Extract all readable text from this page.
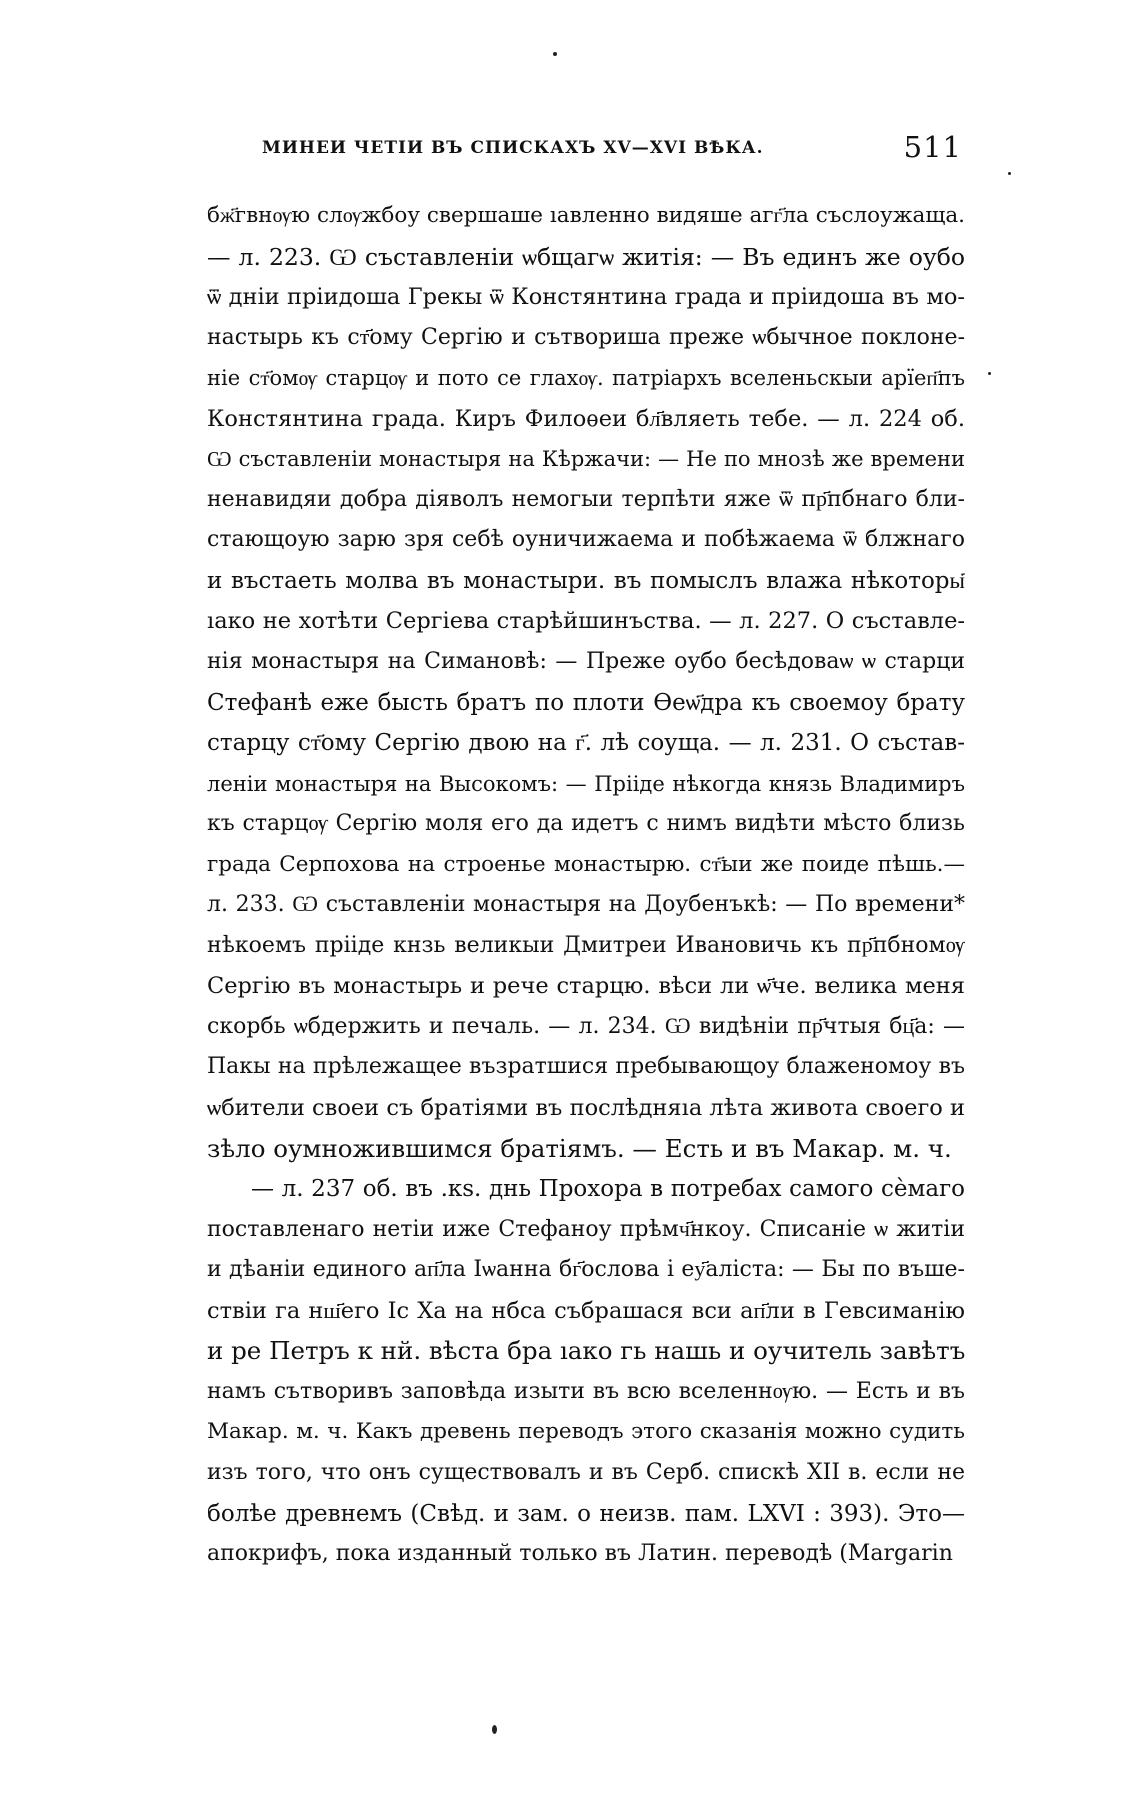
МИНЕИ ЧЕТІИ ВЪ СПИСКАХЪ XV—XVI ВѢКА.	511
бж҃гвнѹю слѹжбоу свершаше ıавленно видяше агг҃ла съслоужаща.
— л. 223. Ѡ съставленіи ѡбщагѡ житія: — Въ единъ же оубо
ѿ дніи пріидоша Грекы ѿ Констянтина града и пріидоша въ мо-
настырь къ ст҃ому Сергію и сътвориша преже ѡбычное поклоне-
ніе ст҃омѹ старцѹ и пото се глахѹ. патріархъ вселеньскыи арїеп҃пъ
Констянтина града. Киръ Филоѳеи бл҃вляеть тебе. — л. 224 об.
Ѡ съставленіи монастыря на Кѣржачи: — Не по мнозѣ же времени
ненавидяи добра діяволъ немогыи терпѣти яже ѿ пр҃пбнаго бли-
стающоую зарю зря себѣ оуничижаема и побѣжаема ѿ блжнаго
и въстаеть молва въ монастыри. въ помыслъ влажа нѣкоторы҃
ıако не хотѣти Сергіева старѣйшинъства. — л. 227. О съставле-
нія монастыря на Симановѣ: — Преже оубо бесѣдоваѡ ѡ старци
Стефанѣ еже бысть братъ по плоти Ѳеѡ҃дра къ своемоу брату
старцу ст҃ому Сергію двою на г҃. лѣ соуща. — л. 231. О състав-
леніи монастыря на Высокомъ: — Прііде нѣкогда князь Владимиръ
къ старцѹ Сергію моля его да идетъ с нимъ видѣти мѣсто близь
града Серпохова на строенье монастырю. ст҃ыи же поиде пѣшь.—
л. 233. Ѡ съставленіи монастыря на Доубенъкѣ: — По времени*
нѣкоемъ прііде кнзь великыи Дмитреи Ивановичь къ пр҃пбномѹ
Сергію въ монастырь и рече старцю. вѣси ли ѡ҃че. велика меня
скорбь ѡбдержить и печаль. — л. 234. Ѡ видѣніи пр҃чтыя бц҃а: —
Пакы на прѣлежащее възратшися пребывающоу блаженомоу въ
ѡбители своеи съ братіями въ послѣдняıа лѣта живота своего и
зѣло оумножившимся братіямъ. — Есть и въ Макар. м. ч.
— л. 237 об. въ .кѕ. днь Прохора в потребах самого сѐмаго
поставленаго нетіи иже Стефаноу прѣмч҃нкоу. Списаніе ѡ житіи
и дѣаніи единого ап҃ла Іѡанна бг҃ослова і еу҃аліста: — Бы по въше-
ствіи га нш҃его Іс Ха на нбса събрашася вси ап҃ли в Гевсиманію
и ре Петръ к нй. вѣста бра ıако гь нашь и оучитель завѣтъ
намъ сътворивъ заповѣда изыти въ всю вселеннѹю. — Есть и въ
Макар. м. ч. Какъ древень переводъ этого сказанія можно судить
изъ того, что онъ существовалъ и въ Серб. спискѣ XII в. если не
болѣе древнемъ (Свѣд. и зам. о неизв. пам. LXVI : 393). Это—
апокрифъ, пока изданный только въ Латин. переводѣ (Margarin
